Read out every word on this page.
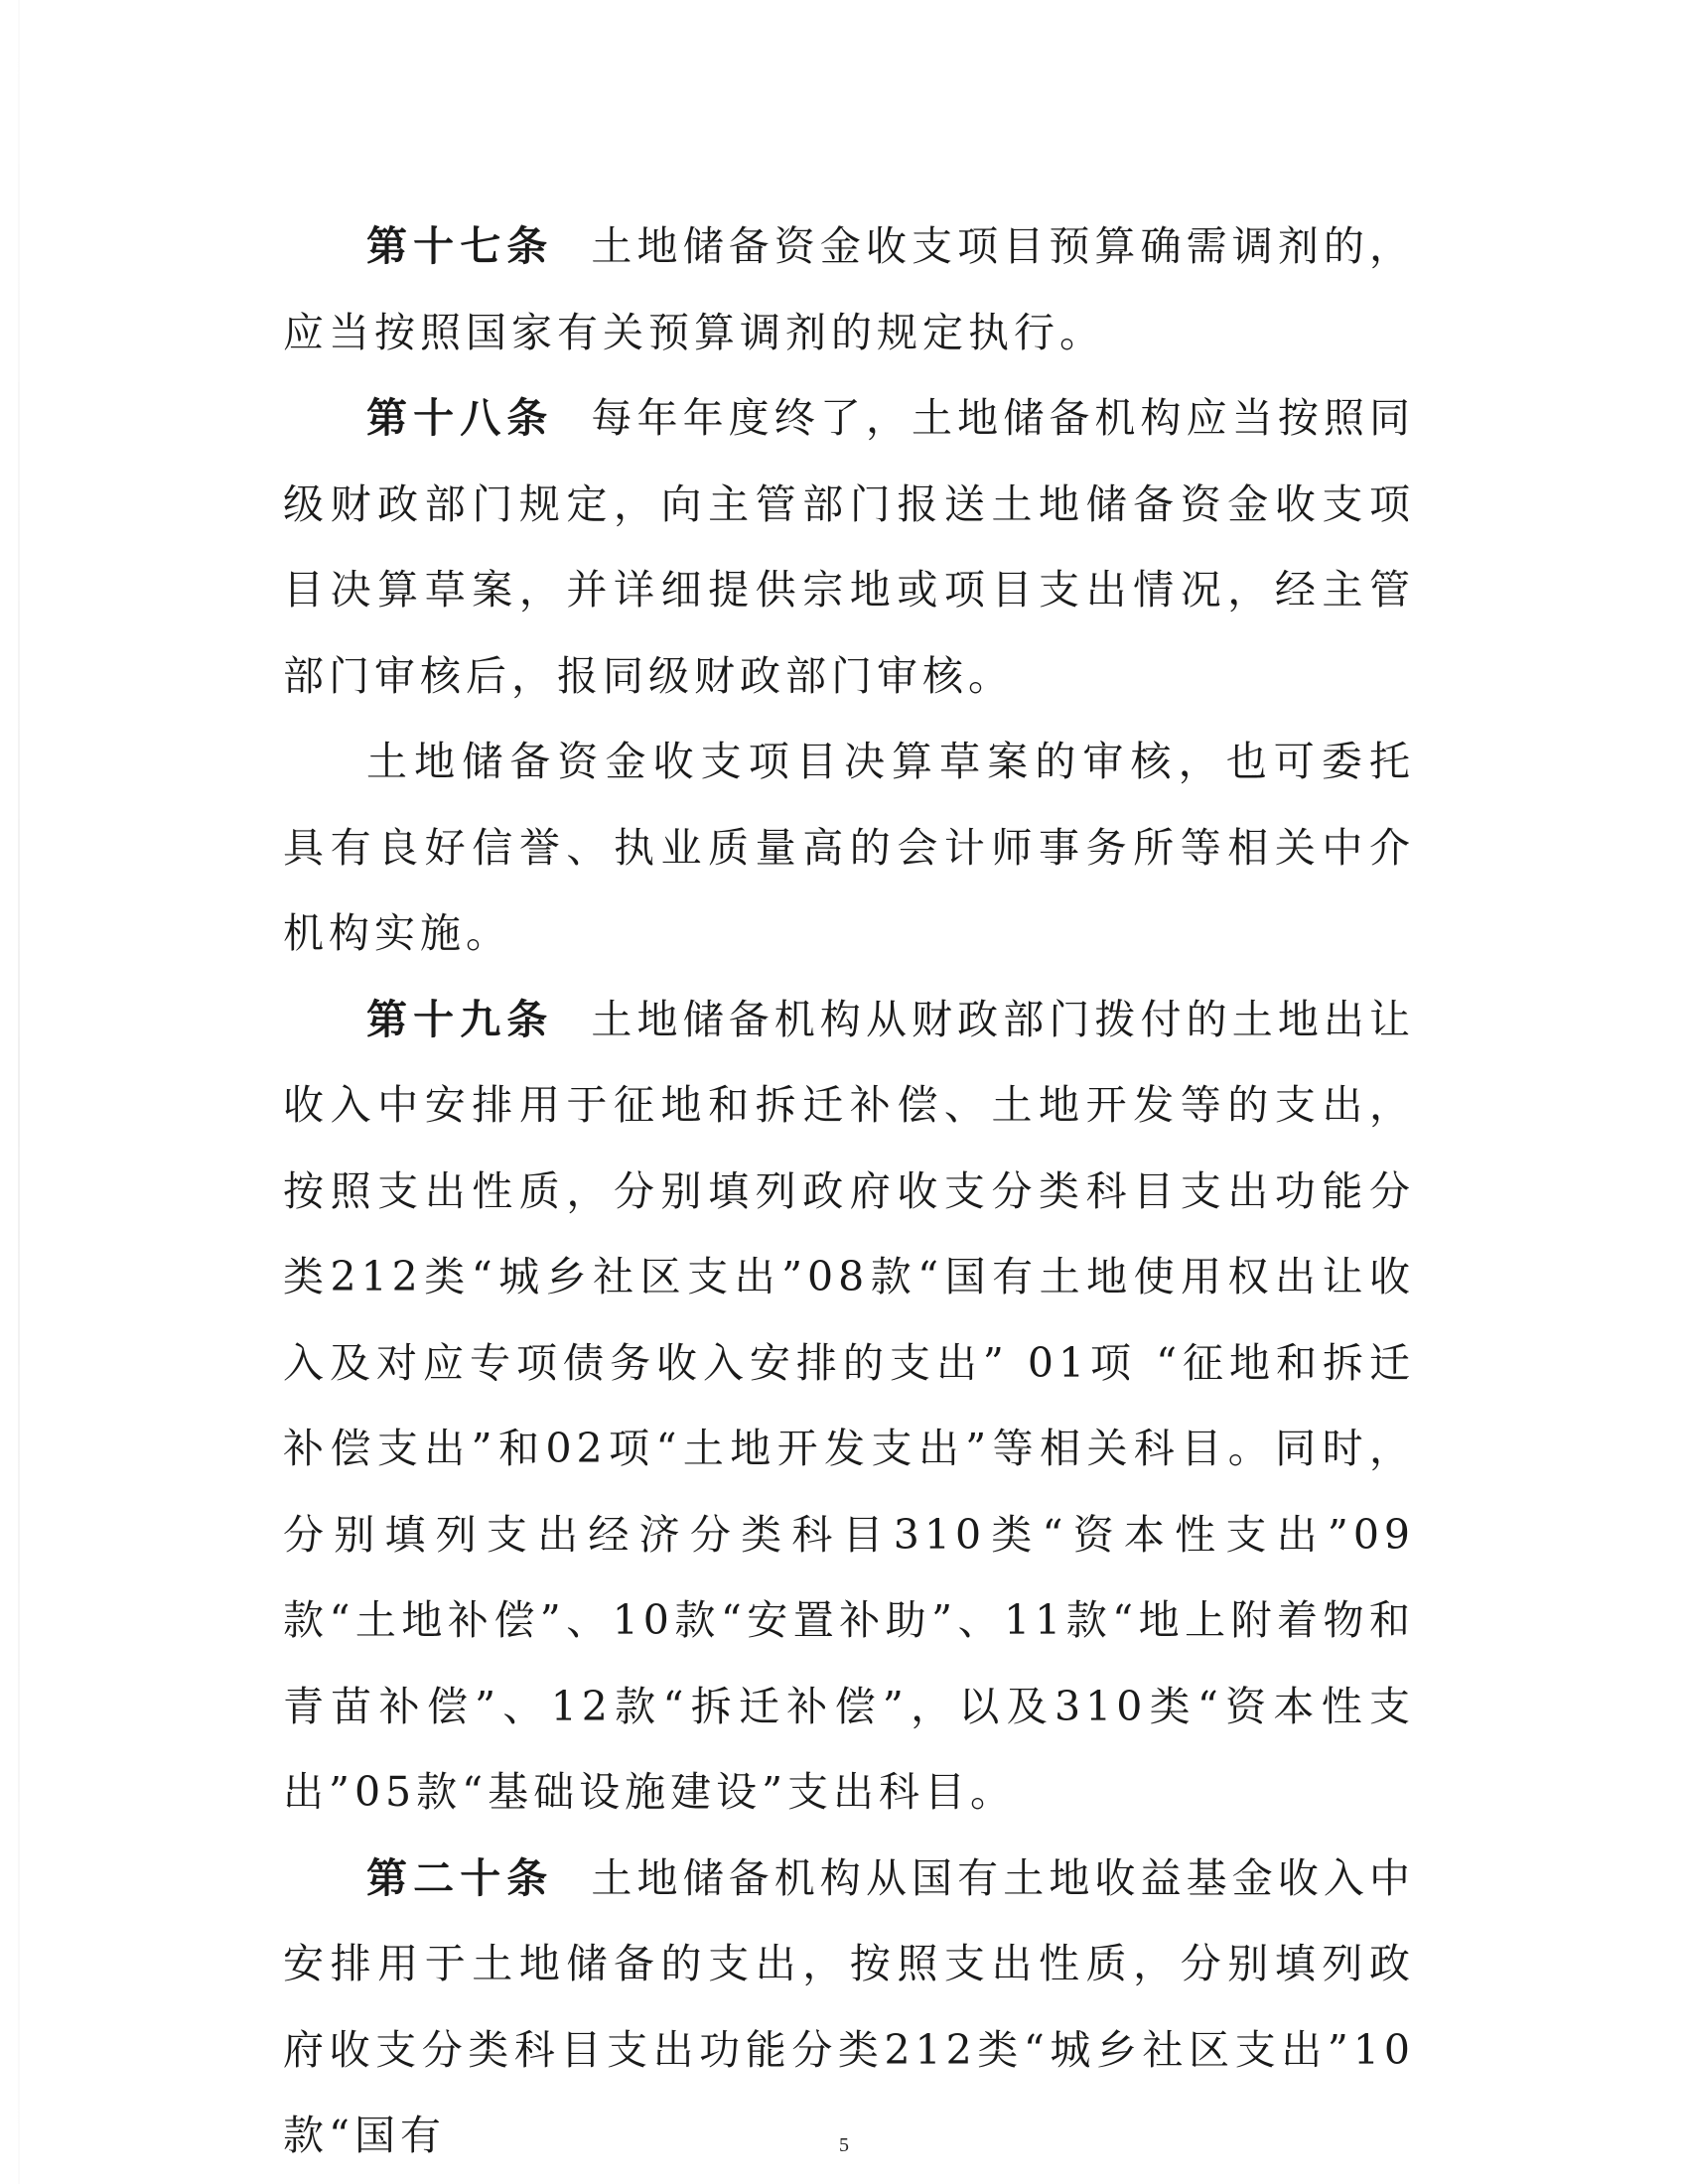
第十七条 土地储备资金收支项目预算确需调剂的，应当按照国家有关预算调剂的规定执行。

第十八条 每年年度终了，土地储备机构应当按照同级财政部门规定，向主管部门报送土地储备资金收支项目决算草案，并详细提供宗地或项目支出情况，经主管部门审核后，报同级财政部门审核。

土地储备资金收支项目决算草案的审核，也可委托具有良好信誉、执业质量高的会计师事务所等相关中介机构实施。

第十九条 土地储备机构从财政部门拨付的土地出让收入中安排用于征地和拆迁补偿、土地开发等的支出，按照支出性质，分别填列政府收支分类科目支出功能分类212类“城乡社区支出”08款“国有土地使用权出让收入及对应专项债务收入安排的支出” 01项 “征地和拆迁补偿支出”和02项“土地开发支出”等相关科目。同时，分别填列支出经济分类科目310类“资本性支出”09款“土地补偿”、10款“安置补助”、11款“地上附着物和青苗补偿”、12款“拆迁补偿”，以及310类“资本性支出”05款“基础设施建设”支出科目。

第二十条 土地储备机构从国有土地收益基金收入中安排用于土地储备的支出，按照支出性质，分别填列政府收支分类科目支出功能分类212类“城乡社区支出”10款“国有	5
